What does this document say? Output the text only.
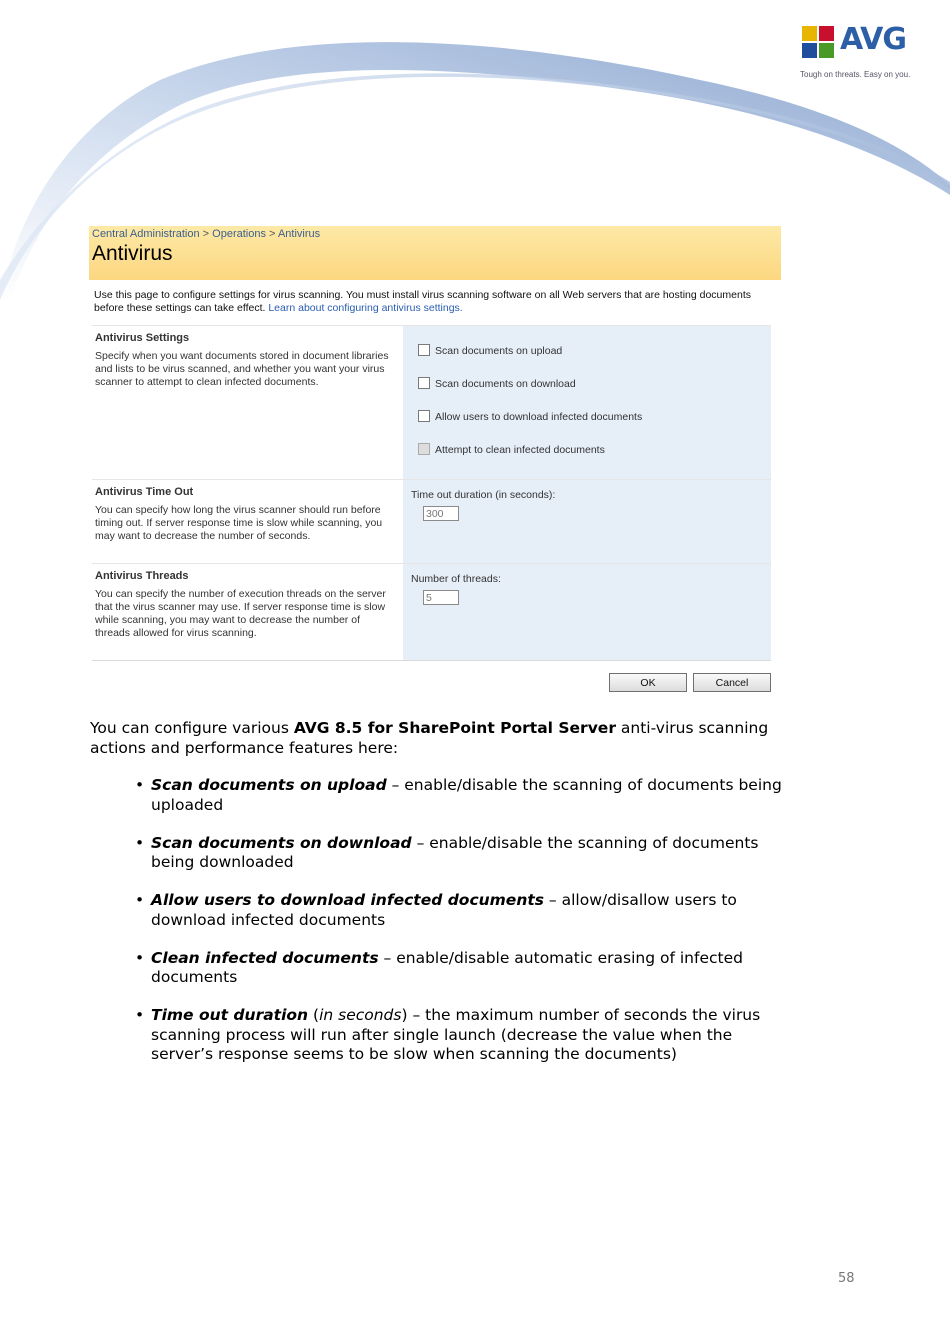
AVG
Tough on threats. Easy on you.
Central Administration > Operations > Antivirus
Antivirus
Use this page to configure settings for virus scanning. You must install virus scanning software on all Web servers that are hosting documents before these settings can take effect. Learn about configuring antivirus settings.
Antivirus Settings
Specify when you want documents stored in document libraries and lists to be virus scanned, and whether you want your virus scanner to attempt to clean infected documents.
Scan documents on upload
Scan documents on download
Allow users to download infected documents
Attempt to clean infected documents
Antivirus Time Out
You can specify how long the virus scanner should run before timing out. If server response time is slow while scanning, you may want to decrease the number of seconds.
Time out duration (in seconds):
300
Antivirus Threads
You can specify the number of execution threads on the server that the virus scanner may use. If server response time is slow while scanning, you may want to decrease the number of threads allowed for virus scanning.
Number of threads:
5
OK	Cancel
You can configure various AVG 8.5 for SharePoint Portal Server anti-virus scanning actions and performance features here:
• Scan documents on upload – enable/disable the scanning of documents being uploaded
• Scan documents on download – enable/disable the scanning of documents being downloaded
• Allow users to download infected documents – allow/disallow users to download infected documents
• Clean infected documents – enable/disable automatic erasing of infected documents
• Time out duration (in seconds) – the maximum number of seconds the virus scanning process will run after single launch (decrease the value when the server’s response seems to be slow when scanning the documents)
58
